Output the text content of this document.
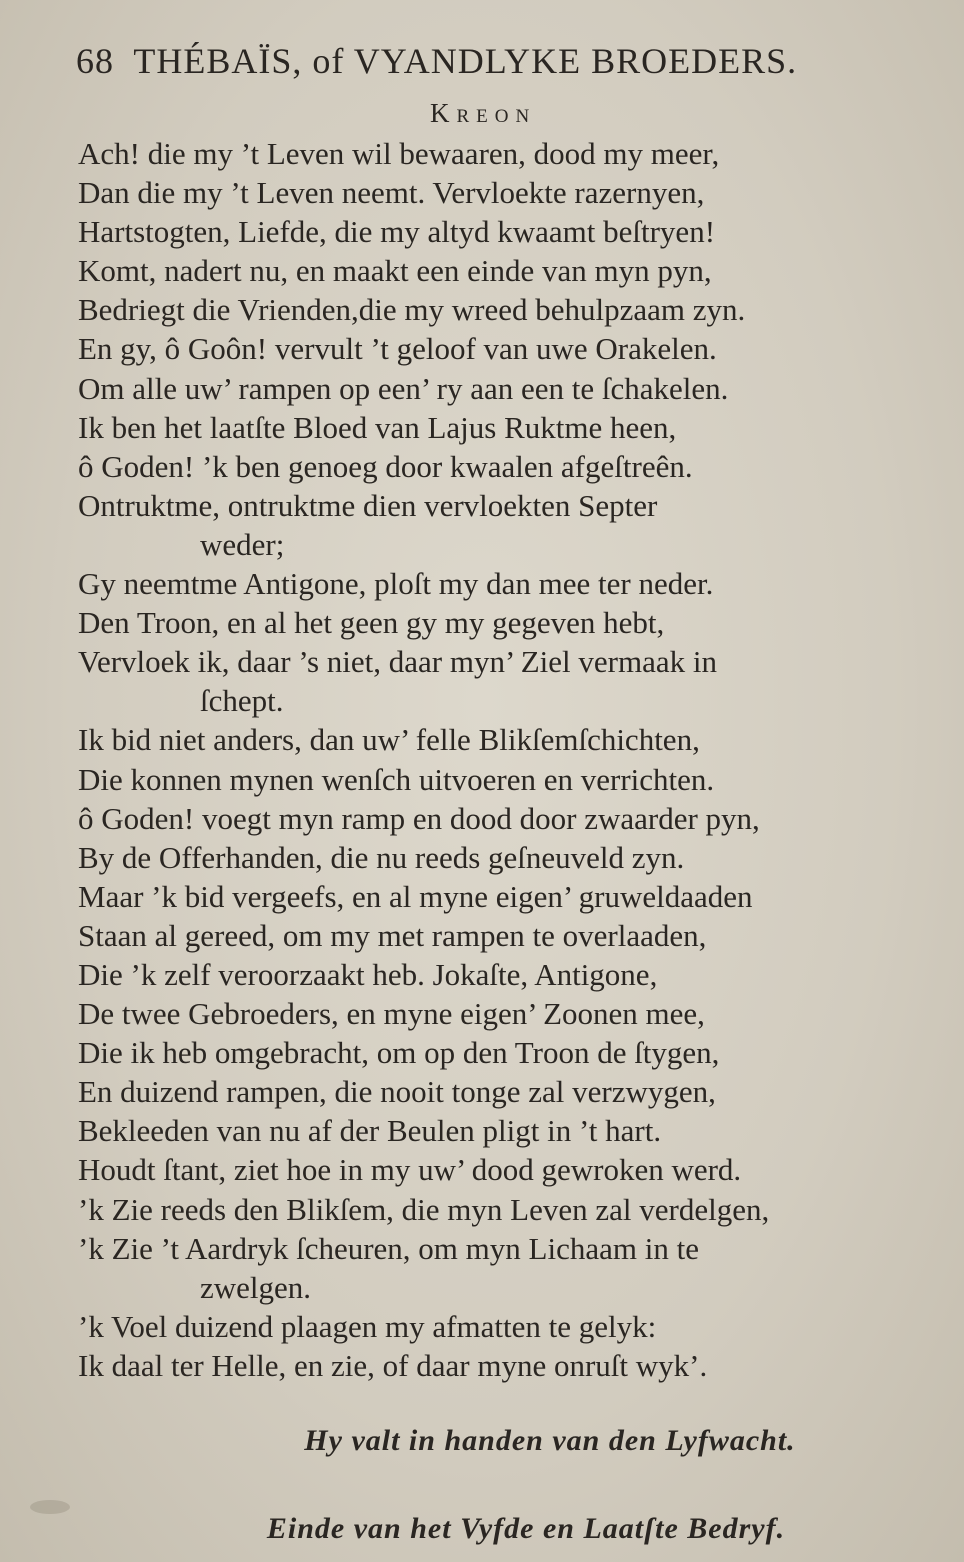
68 THÉBAÏS, of VYANDLYKE BROEDERS.
Kreon
Ach! die my ’t Leven wil bewaaren, dood my meer,
Dan die my ’t Leven neemt. Vervloekte razernyen,
Hartstogten, Liefde, die my altyd kwaamt beſtryen!
Komt, nadert nu, en maakt een einde van myn pyn,
Bedriegt die Vrienden,die my wreed behulpzaam zyn.
En gy, ô Goôn! vervult ’t geloof van uwe Orakelen.
Om alle uw’ rampen op een’ ry aan een te ſchakelen.
Ik ben het laatſte Bloed van Lajus Ruktme heen,
ô Goden! ’k ben genoeg door kwaalen afgeſtreên.
Ontruktme, ontruktme dien vervloekten Septer
weder;
Gy neemtme Antigone, ploſt my dan mee ter neder.
Den Troon, en al het geen gy my gegeven hebt,
Vervloek ik, daar ’s niet, daar myn’ Ziel vermaak in
ſchept.
Ik bid niet anders, dan uw’ felle Blikſemſchichten,
Die konnen mynen wenſch uitvoeren en verrichten.
ô Goden! voegt myn ramp en dood door zwaarder pyn,
By de Offerhanden, die nu reeds geſneuveld zyn.
Maar ’k bid vergeefs, en al myne eigen’ gruweldaaden
Staan al gereed, om my met rampen te overlaaden,
Die ’k zelf veroorzaakt heb. Jokaſte, Antigone,
De twee Gebroeders, en myne eigen’ Zoonen mee,
Die ik heb omgebracht, om op den Troon de ſtygen,
En duizend rampen, die nooit tonge zal verzwygen,
Bekleeden van nu af der Beulen pligt in ’t hart.
Houdt ſtant, ziet hoe in my uw’ dood gewroken werd.
’k Zie reeds den Blikſem, die myn Leven zal verdelgen,
’k Zie ’t Aardryk ſcheuren, om myn Lichaam in te
zwelgen.
’k Voel duizend plaagen my afmatten te gelyk:
Ik daal ter Helle, en zie, of daar myne onruſt wyk’.
Hy valt in handen van den Lyfwacht.
Einde van het Vyfde en Laatſte Bedryf.
